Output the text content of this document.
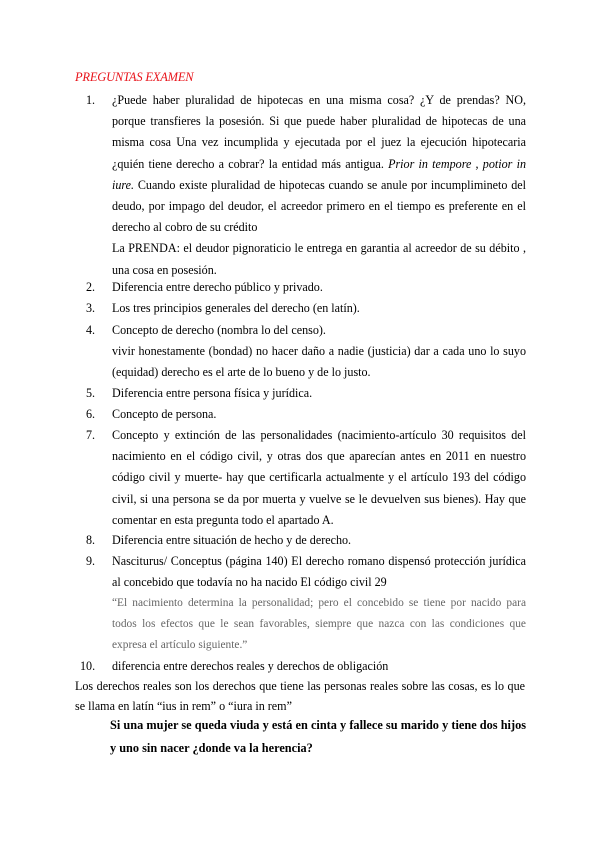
PREGUNTAS EXAMEN
1.	¿Puede haber pluralidad de hipotecas en una misma cosa? ¿Y de prendas? NO, porque transfieres la posesión. Si que puede haber pluralidad de hipotecas de una misma cosa Una vez incumplida y ejecutada por el juez la ejecución hipotecaria ¿quién tiene derecho a cobrar? la entidad más antigua. Prior in tempore , potior in iure. Cuando existe pluralidad de hipotecas cuando se anule por incumplimineto del deudo, por impago del deudor, el acreedor primero en el tiempo es preferente en el derecho al cobro de su crédito

La PRENDA: el deudor pignoraticio le entrega en garantia al acreedor de su débito , una cosa en posesión.

2.	Diferencia entre derecho público y privado.
3.	Los tres principios generales del derecho (en latín).
4.	Concepto de derecho (nombra lo del censo).

vivir honestamente (bondad) no hacer daño a nadie (justicia) dar a cada uno lo suyo (equidad) derecho es el arte de lo bueno y de lo justo.

5.	Diferencia entre persona física y jurídica.
6.	Concepto de persona.
7.	Concepto y extinción de las personalidades (nacimiento-artículo 30 requisitos del nacimiento en el código civil, y otras dos que aparecían antes en 2011 en nuestro código civil y muerte- hay que certificarla actualmente y el artículo 193 del código civil, si una persona se da por muerta y vuelve se le devuelven sus bienes). Hay que comentar en esta pregunta todo el apartado A.
8.	Diferencia entre situación de hecho y de derecho.
9.	Nasciturus/ Conceptus (página 140) El derecho romano dispensó protección jurídica al concebido que todavía no ha nacido El código civil 29

“El nacimiento determina la personalidad; pero el concebido se tiene por nacido para todos los efectos que le sean favorables, siempre que nazca con las condiciones que expresa el artículo siguiente.”

10.	diferencia entre derechos reales y derechos de obligación
Los derechos reales son los derechos que tiene las personas reales sobre las cosas, es lo que se llama en latín “ius in rem” o “iura in rem”
Si una mujer se queda viuda y está en cinta y fallece su marido y tiene dos hijos y uno sin nacer ¿donde va la herencia?
